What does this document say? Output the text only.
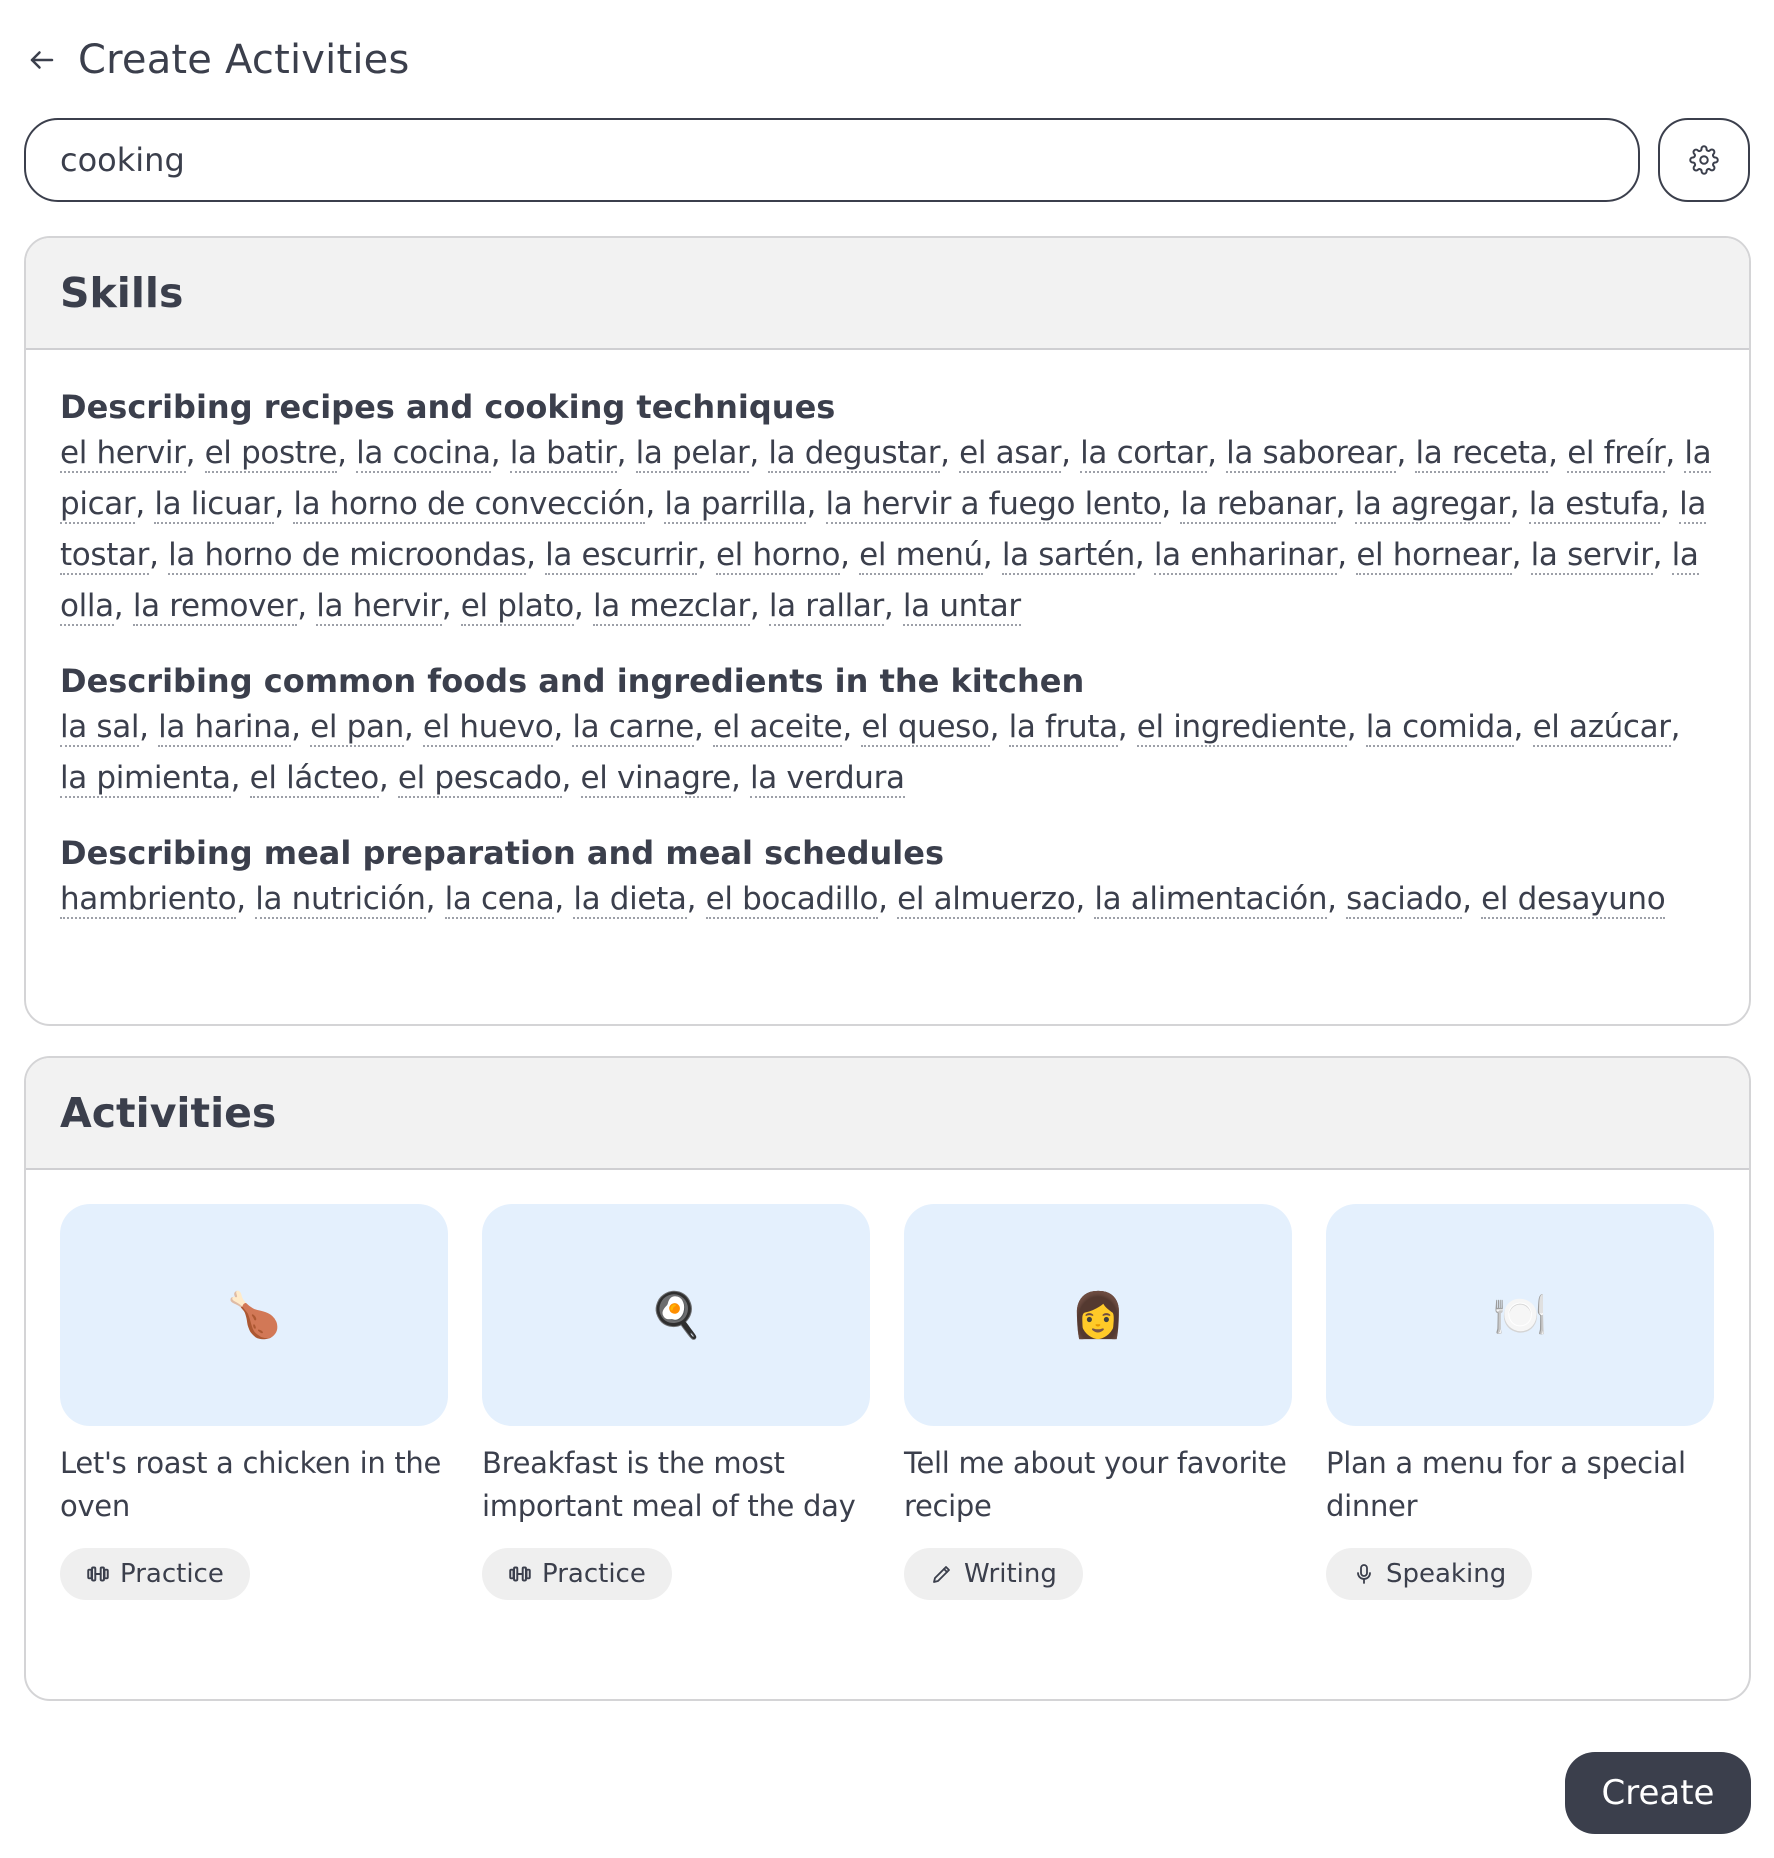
Create Activities
cooking
Skills
Describing recipes and cooking techniques
el hervir, el postre, la cocina, la batir, la pelar, la degustar, el asar, la cortar, la saborear, la receta, el freír, la picar, la licuar, la horno de convección, la parrilla, la hervir a fuego lento, la rebanar, la agregar, la estufa, la tostar, la horno de microondas, la escurrir, el horno, el menú, la sartén, la enharinar, el hornear, la servir, la olla, la remover, la hervir, el plato, la mezclar, la rallar, la untar
Describing common foods and ingredients in the kitchen
la sal, la harina, el pan, el huevo, la carne, el aceite, el queso, la fruta, el ingrediente, la comida, el azúcar, la pimienta, el lácteo, el pescado, el vinagre, la verdura
Describing meal preparation and meal schedules
hambriento, la nutrición, la cena, la dieta, el bocadillo, el almuerzo, la alimentación, saciado, el desayuno
Activities
🍗
Let's roast a chicken in the oven
Practice
🍳
Breakfast is the most important meal of the day
Practice
👩
Tell me about your favorite recipe
Writing
🍽️
Plan a menu for a special dinner
Speaking
Create
